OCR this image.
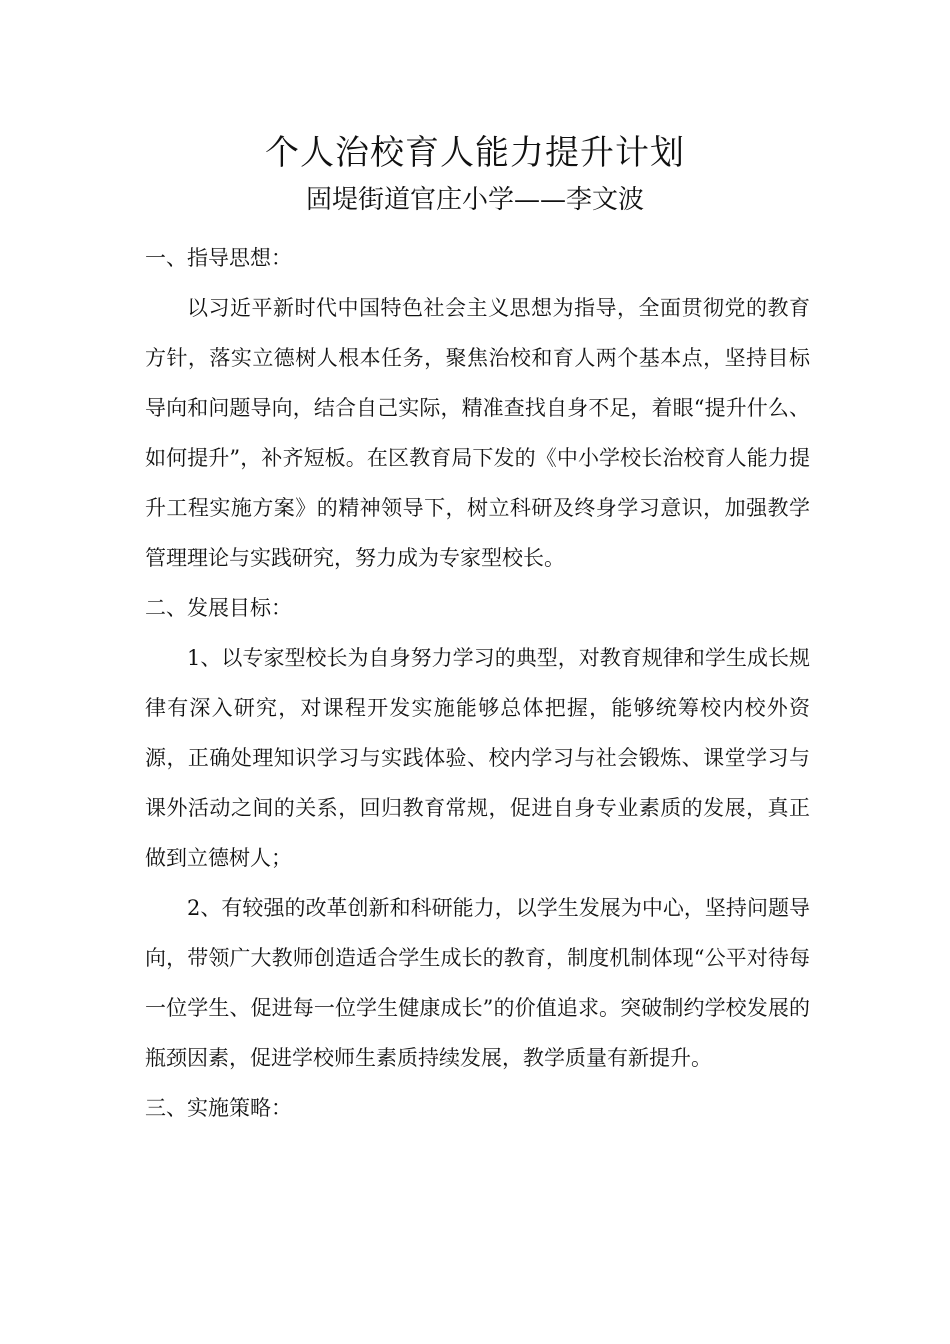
个人治校育人能力提升计划
固堤街道官庄小学——李文波

一、指导思想：

以习近平新时代中国特色社会主义思想为指导，全面贯彻党的教育方针，落实立德树人根本任务，聚焦治校和育人两个基本点，坚持目标导向和问题导向，结合自己实际，精准查找自身不足，着眼“提升什么、如何提升”，补齐短板。在区教育局下发的《中小学校长治校育人能力提升工程实施方案》的精神领导下，树立科研及终身学习意识，加强教学管理理论与实践研究，努力成为专家型校长。

二、发展目标：

1、以专家型校长为自身努力学习的典型，对教育规律和学生成长规律有深入研究，对课程开发实施能够总体把握，能够统筹校内校外资源，正确处理知识学习与实践体验、校内学习与社会锻炼、课堂学习与课外活动之间的关系，回归教育常规，促进自身专业素质的发展，真正做到立德树人；

2、有较强的改革创新和科研能力，以学生发展为中心，坚持问题导向，带领广大教师创造适合学生成长的教育，制度机制体现“公平对待每一位学生、促进每一位学生健康成长”的价值追求。突破制约学校发展的瓶颈因素，促进学校师生素质持续发展，教学质量有新提升。

三、实施策略：
